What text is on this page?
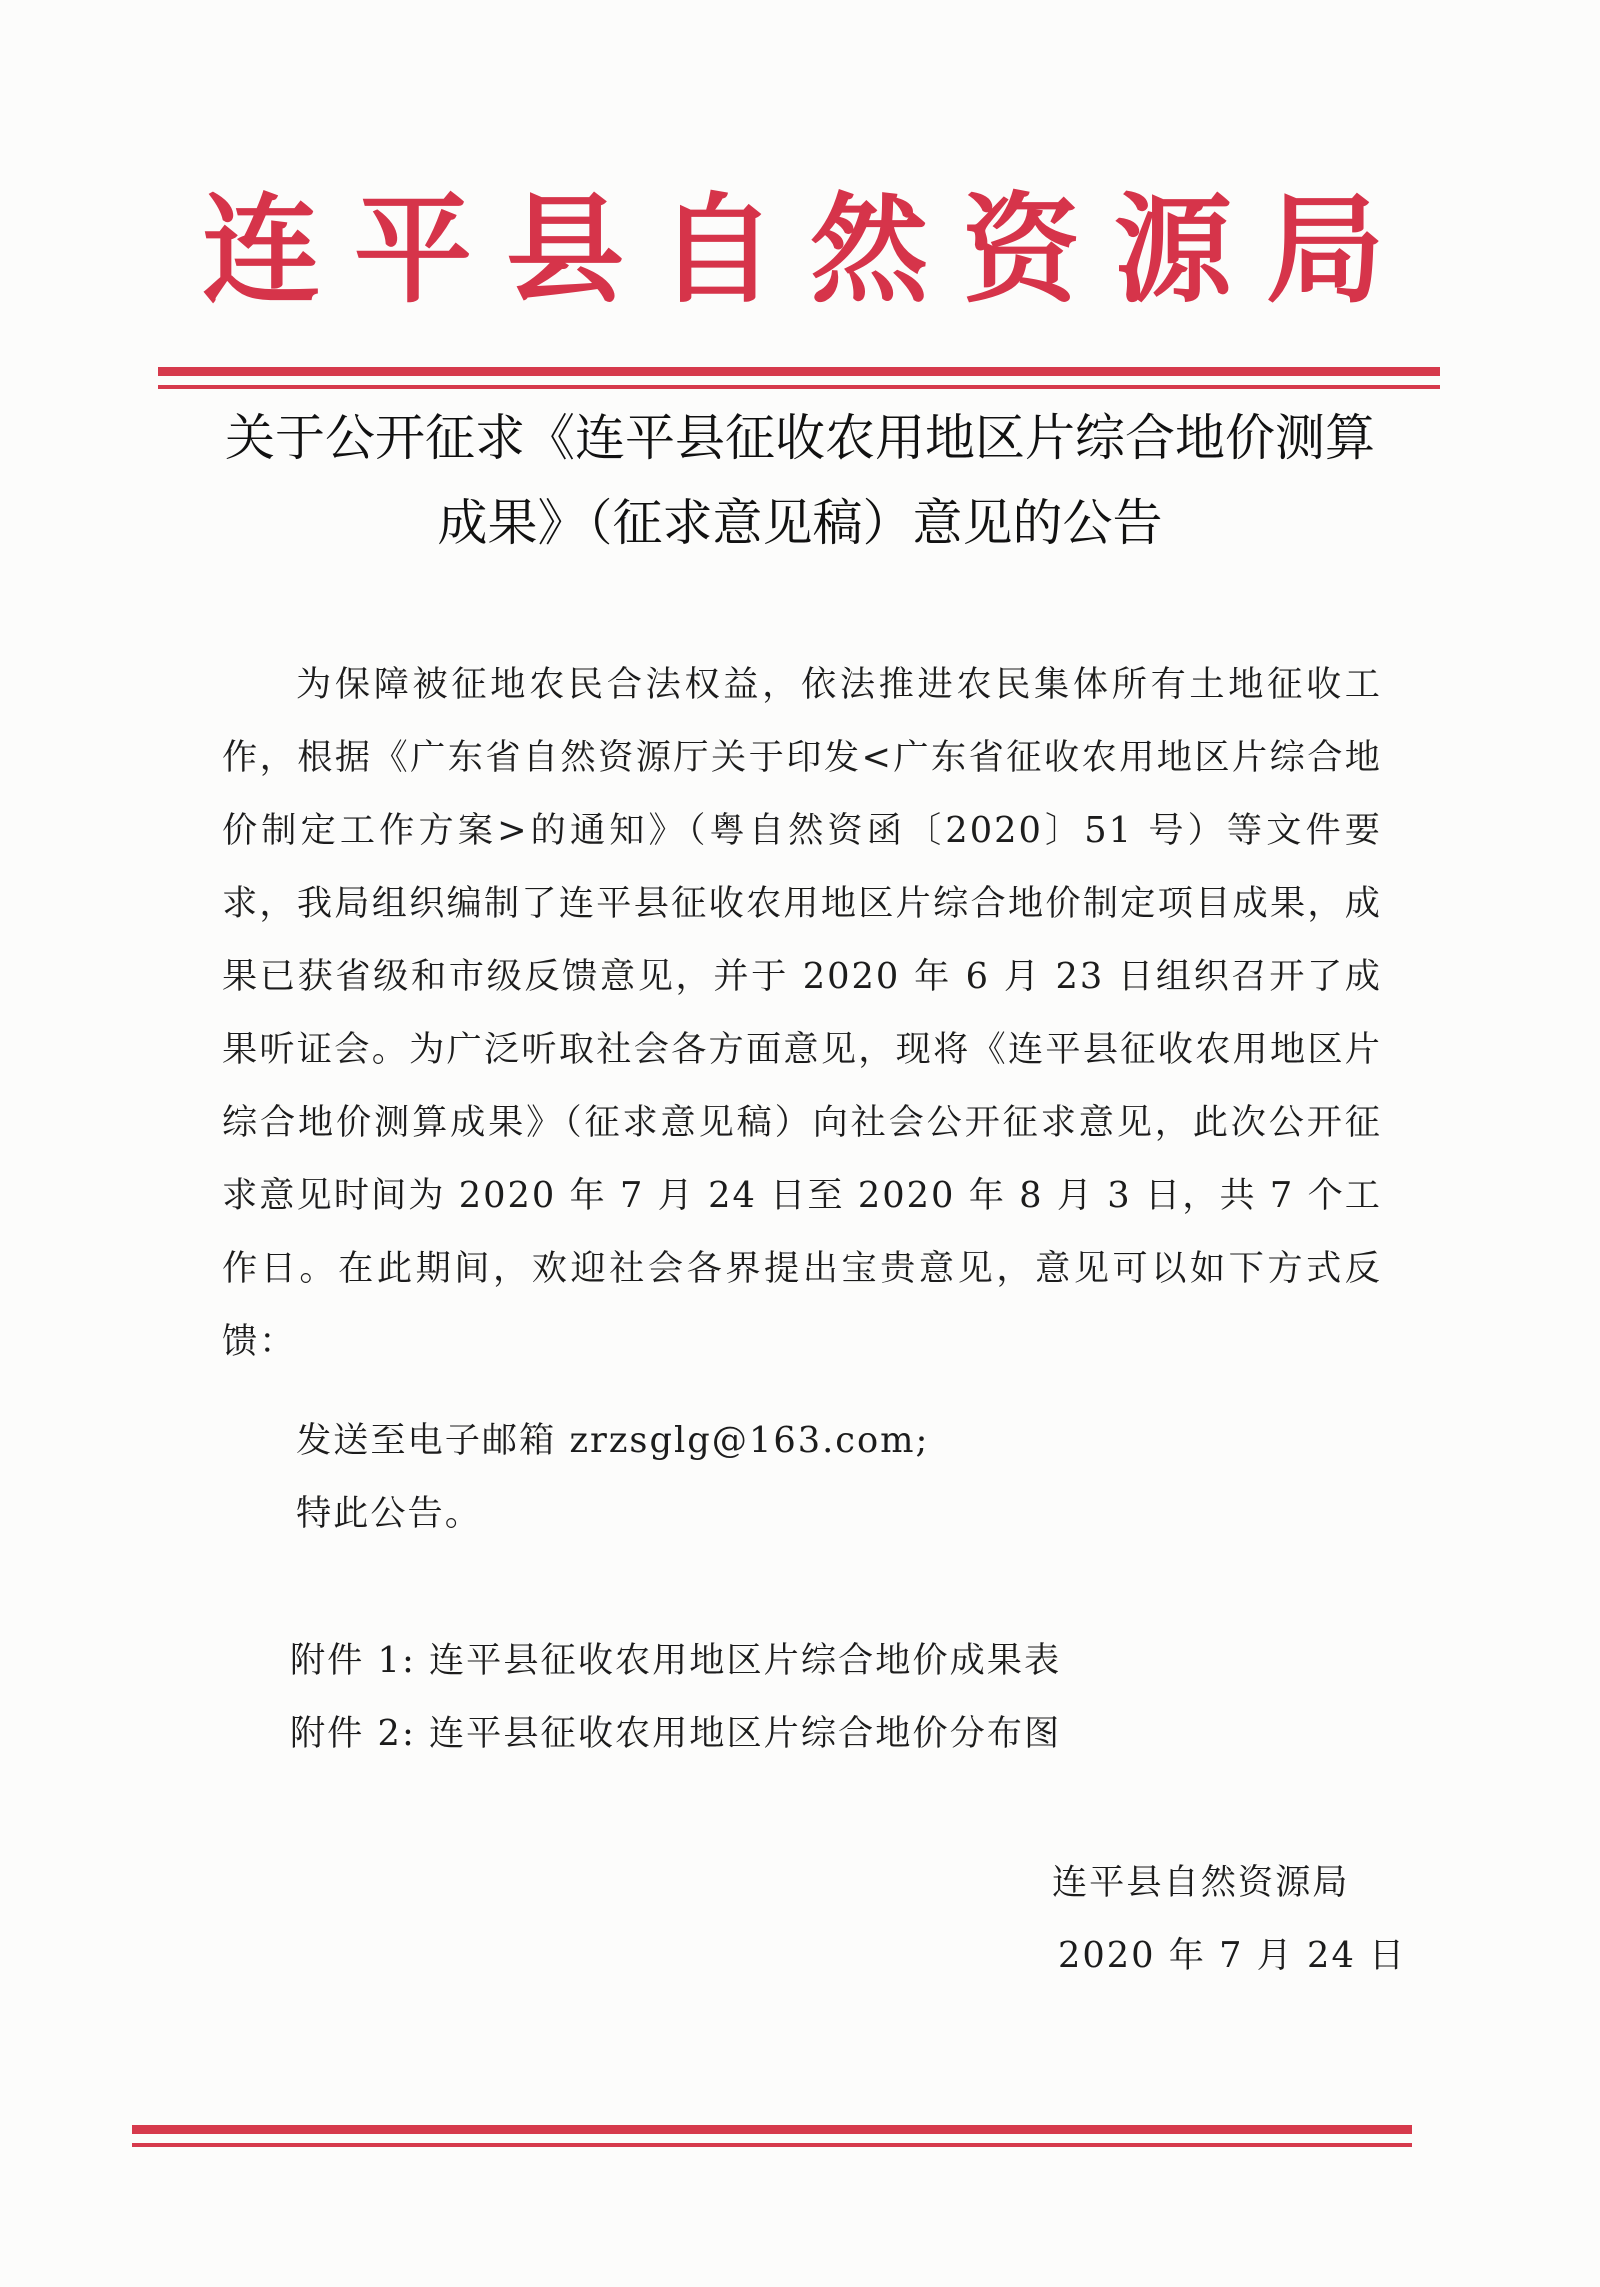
连平县自然资源局
关于公开征求《连平县征收农用地区片综合地价测算
成果》（征求意见稿）意见的公告

为保障被征地农民合法权益，依法推进农民集体所有土地征收工作，根据《广东省自然资源厅关于印发<广东省征收农用地区片综合地价制定工作方案>的通知》（粤自然资函〔2020〕51 号）等文件要求，我局组织编制了连平县征收农用地区片综合地价制定项目成果，成果已获省级和市级反馈意见，并于 2020 年 6 月 23 日组织召开了成果听证会。为广泛听取社会各方面意见，现将《连平县征收农用地区片综合地价测算成果》（征求意见稿）向社会公开征求意见，此次公开征求意见时间为 2020 年 7 月 24 日至 2020 年 8 月 3 日，共 7 个工作日。在此期间，欢迎社会各界提出宝贵意见，意见可以如下方式反馈：

发送至电子邮箱 zrzsglg@163.com;
特此公告。
附件 1: 连平县征收农用地区片综合地价成果表
附件 2: 连平县征收农用地区片综合地价分布图
连平县自然资源局
2020 年 7 月 24 日
